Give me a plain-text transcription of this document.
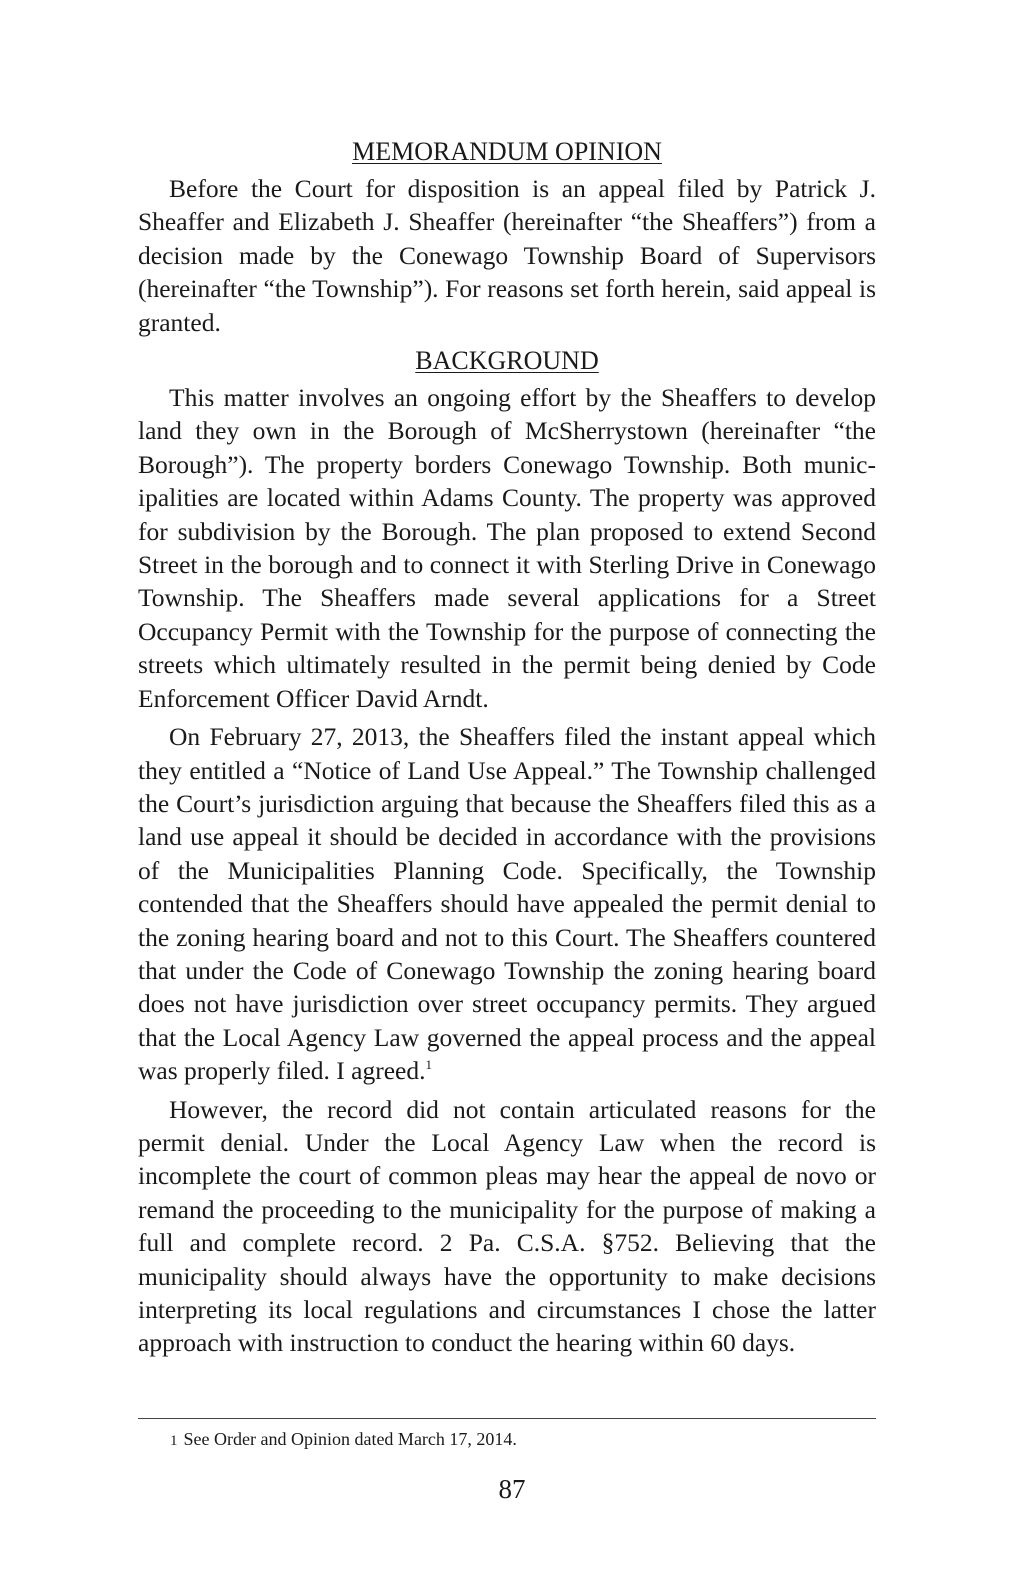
MEMORANDUM OPINION

Before the Court for disposition is an appeal filed by Patrick J. Sheaffer and Elizabeth J. Sheaffer (hereinafter “the Sheaffers”) from a decision made by the Conewago Township Board of Supervisors (hereinafter “the Township”). For reasons set forth herein, said appeal is granted.

BACKGROUND

This matter involves an ongoing effort by the Sheaffers to develop land they own in the Borough of McSherrystown (hereinafter “the Borough”). The property borders Conewago Township. Both municipalities are located within Adams County. The property was approved for subdivision by the Borough. The plan proposed to extend Second Street in the borough and to connect it with Sterling Drive in Conewago Township. The Sheaffers made several applications for a Street Occupancy Permit with the Township for the purpose of connecting the streets which ultimately resulted in the permit being denied by Code Enforcement Officer David Arndt.

On February 27, 2013, the Sheaffers filed the instant appeal which they entitled a “Notice of Land Use Appeal.” The Township challenged the Court’s jurisdiction arguing that because the Sheaffers filed this as a land use appeal it should be decided in accordance with the provisions of the Municipalities Planning Code. Specifically, the Township contended that the Sheaffers should have appealed the permit denial to the zoning hearing board and not to this Court. The Sheaffers countered that under the Code of Conewago Township the zoning hearing board does not have jurisdiction over street occupancy permits. They argued that the Local Agency Law governed the appeal process and the appeal was properly filed. I agreed.$^1$

However, the record did not contain articulated reasons for the permit denial. Under the Local Agency Law when the record is incomplete the court of common pleas may hear the appeal de novo or remand the proceeding to the municipality for the purpose of making a full and complete record. 2 Pa. C.S.A. §752. Believing that the municipality should always have the opportunity to make decisions interpreting its local regulations and circumstances I chose the latter approach with instruction to conduct the hearing within 60 days.

1 See Order and Opinion dated March 17, 2014.

87
